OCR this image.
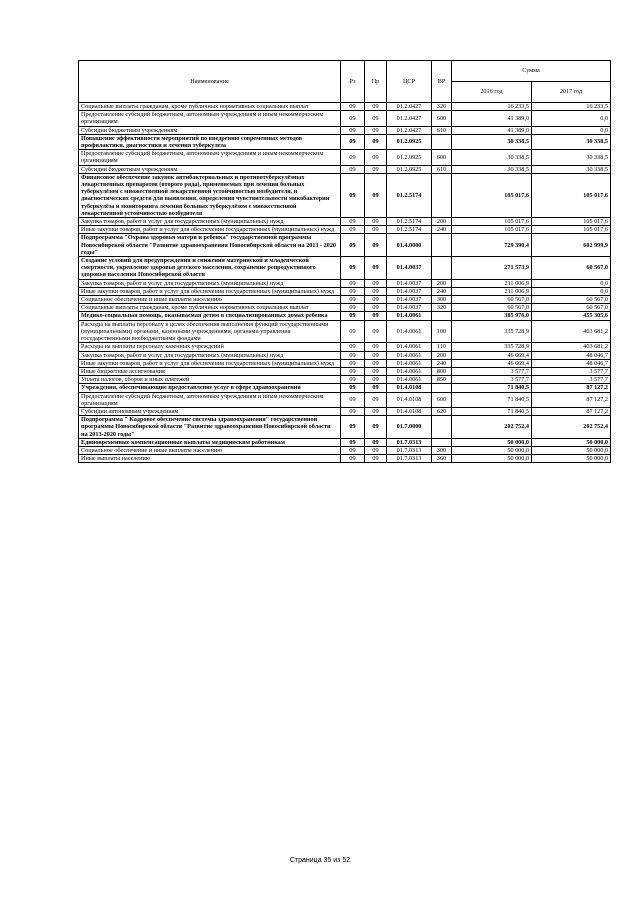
Наименование	Рз	Пр	ЦСР	ВР	Сумма	
					2016 год	2017 год
Социальные выплаты гражданам, кроме публичных нормативных социальных выплат	09	09	01.2.0427	320	16 233,5	16 233,5
Предоставление субсидий бюджетным, автономным учреждениям и иным некоммерческим организациям	09	09	01.2.0427	600	41 389,0	0,0
Субсидии бюджетным учреждениям	09	09	01.2.0427	610	41 389,0	0,0
Повышение эффективности мероприятий по внедрению современных методов профилактики, диагностики и лечения туберкулеза	09	09	01.2.0925		30 338,5	30 338,5
Предоставление субсидий бюджетным, автономным учреждениям и иным некоммерческим организациям	09	09	01.2.0925	600	30 338,5	30 338,5
Субсидии бюджетным учреждениям	09	09	01.2.0925	610	30 338,5	30 338,5
Финансовое обеспечение закупок антибактериальных и противотуберкулёзных лекарственных препаратов (второго ряда), применяемых при лечении больных туберкулёзом с множественной лекарственной устойчивостью возбудителя, и диагностических средств для выявления, определения чувствительности микобактерии туберкулёза и мониторинга лечения больных туберкулёзом с множественной лекарственной устойчивостью возбудителя	09	09	01.2.5174		105 017,6	105 017,6
Закупка товаров, работ и услуг для государственных (муниципальных) нужд	09	09	01.2.5174	200	105 017,6	105 017,6
Иные закупки товаров, работ и услуг для обеспечения государственных (муниципальных) нужд	09	09	01.2.5174	240	105 017,6	105 017,6
Подпрограмма "Охрана здоровья матери и ребенка" государственной программы Новосибирской области "Развитие здравоохранения Новосибирской области на 2013 - 2020 годы"	09	09	01.4.0000		729 390,4	602 999,9
Создание условий для предупреждения и снижения материнской и младенческой смертности, укрепление здоровья детского населения, сохранение репродуктивного здоровья населения Новосибирской области	09	09	01.4.0037		271 573,9	60 567,0
Закупка товаров, работ и услуг для государственных (муниципальных) нужд	09	09	01.4.0037	200	211 006,9	0,0
Иные закупки товаров, работ и услуг для обеспечения государственных (муниципальных) нужд	09	09	01.4.0037	240	211 006,9	0,0
Социальное обеспечение и иные выплаты населению	09	09	01.4.0037	300	60 567,0	60 567,0
Социальные выплаты гражданам, кроме публичных нормативных социальных выплат	09	09	01.4.0037	320	60 567,0	60 567,0
Медико-социальная помощь, оказываемая детям в специализированных домах ребенка	09	09	01.4.0061		385 976,0	455 305,6
Расходы на выплаты персоналу в целях обеспечения выполнения функций государственными (муниципальными) органами, казенными учреждениями, органами управления государственными внебюджетными фондами	09	09	01.4.0061	100	335 728,9	403 681,2
Расходы на выплаты персоналу казенных учреждений	09	09	01.4.0061	110	335 728,9	403 681,2
Закупка товаров, работ и услуг для государственных (муниципальных) нужд	09	09	01.4.0061	200	46 669,4	48 046,7
Иные закупки товаров, работ и услуг для обеспечения государственных (муниципальных) нужд	09	09	01.4.0061	240	46 669,4	48 046,7
Иные бюджетные ассигнования	09	09	01.4.0061	800	3 577,7	3 577,7
Уплата налогов, сборов и иных платежей	09	09	01.4.0061	850	3 577,7	3 577,7
Учреждения, обеспечивающие предоставление услуг в сфере здравоохранения	09	09	01.4.0108		71 840,5	87 127,2
Предоставление субсидий бюджетным, автономным учреждениям и иным некоммерческим организациям	09	09	01.4.0108	600	71 840,5	87 127,2
Субсидии автономным учреждениям	09	09	01.4.0108	620	71 840,5	87 127,2
Подпрограмма " Кадровое обеспечение системы здравоохранения" государственной программы Новосибирской области "Развитие здравоохранения Новосибирской области на 2013-2020 годы"	09	09	01.7.0000		202 752,4	202 752,4
Единовременные компенсационные выплаты медицинским работникам	09	09	01.7.0313		50 000,0	50 000,0
Социальное обеспечение и иные выплаты населению	09	09	01.7.0313	300	50 000,0	50 000,0
Иные выплаты населению	09	09	01.7.0313	360	50 000,0	50 000,0
Страница 35 из 52
